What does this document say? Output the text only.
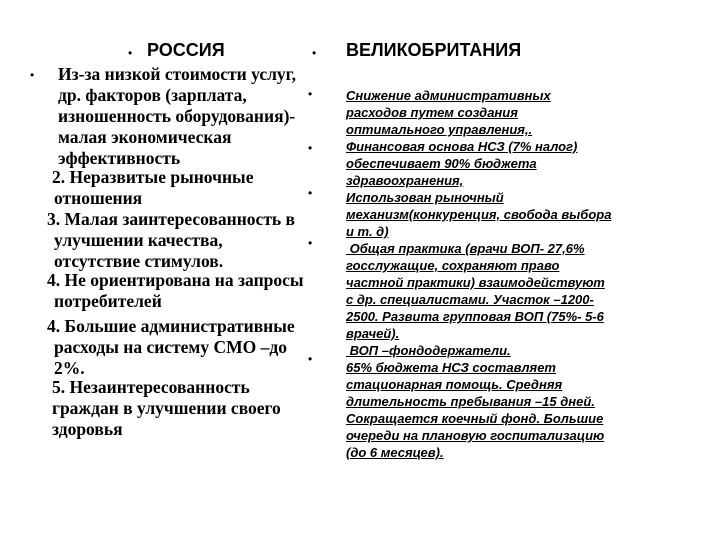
• РОССИЯ	• ВЕЛИКОБРИТАНИЯ
• Из-за низкой стоимости услуг,
др. факторов (зарплата,
изношенность оборудования)-
малая экономическая
эффективность
2. Неразвитые рыночные
отношения
3. Малая заинтересованность в
улучшении качества,
отсутствие стимулов.
4. Не ориентирована на запросы
потребителей
4. Большие административные
расходы на систему СМО –до
2%.
5. Незаинтересованность
граждан в улучшении своего
здоровья
•
•
•
•
•
Снижение административных
расходов путем создания
оптимального управления,.
Финансовая основа НСЗ (7% налог)
обеспечивает 90% бюджета
здравоохранения,
Использован рыночный
механизм(конкуренция, свобода выбора
и т. д)
Общая практика (врачи ВОП- 27,6%
госслужащие, сохраняют право
частной практики) взаимодействуют
с др. специалистами. Участок –1200-
2500. Развита групповая ВОП (75%- 5-6
врачей).
ВОП –фондодержатели.
65% бюджета НСЗ составляет
стационарная помощь. Средняя
длительность пребывания –15 дней.
Сокращается коечный фонд. Большие
очереди на плановую госпитализацию
(до 6 месяцев).
